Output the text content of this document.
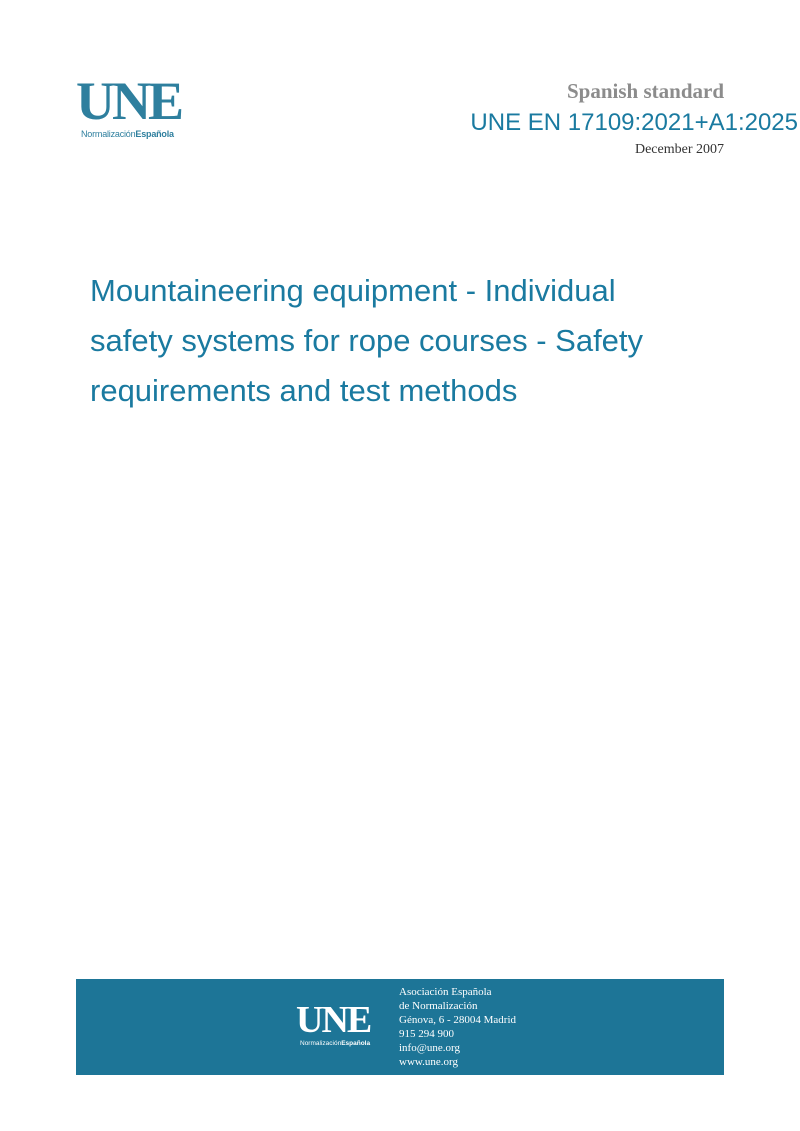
UNE
NormalizaciónEspañola
Spanish standard
UNE EN 17109:2021+A1:2025
December 2007
Mountaineering equipment - Individual
safety systems for rope courses - Safety
requirements and test methods
UNE
NormalizaciónEspañola
Asociación Española
de Normalización
Génova, 6 - 28004 Madrid
915 294 900
info@une.org
www.une.org
